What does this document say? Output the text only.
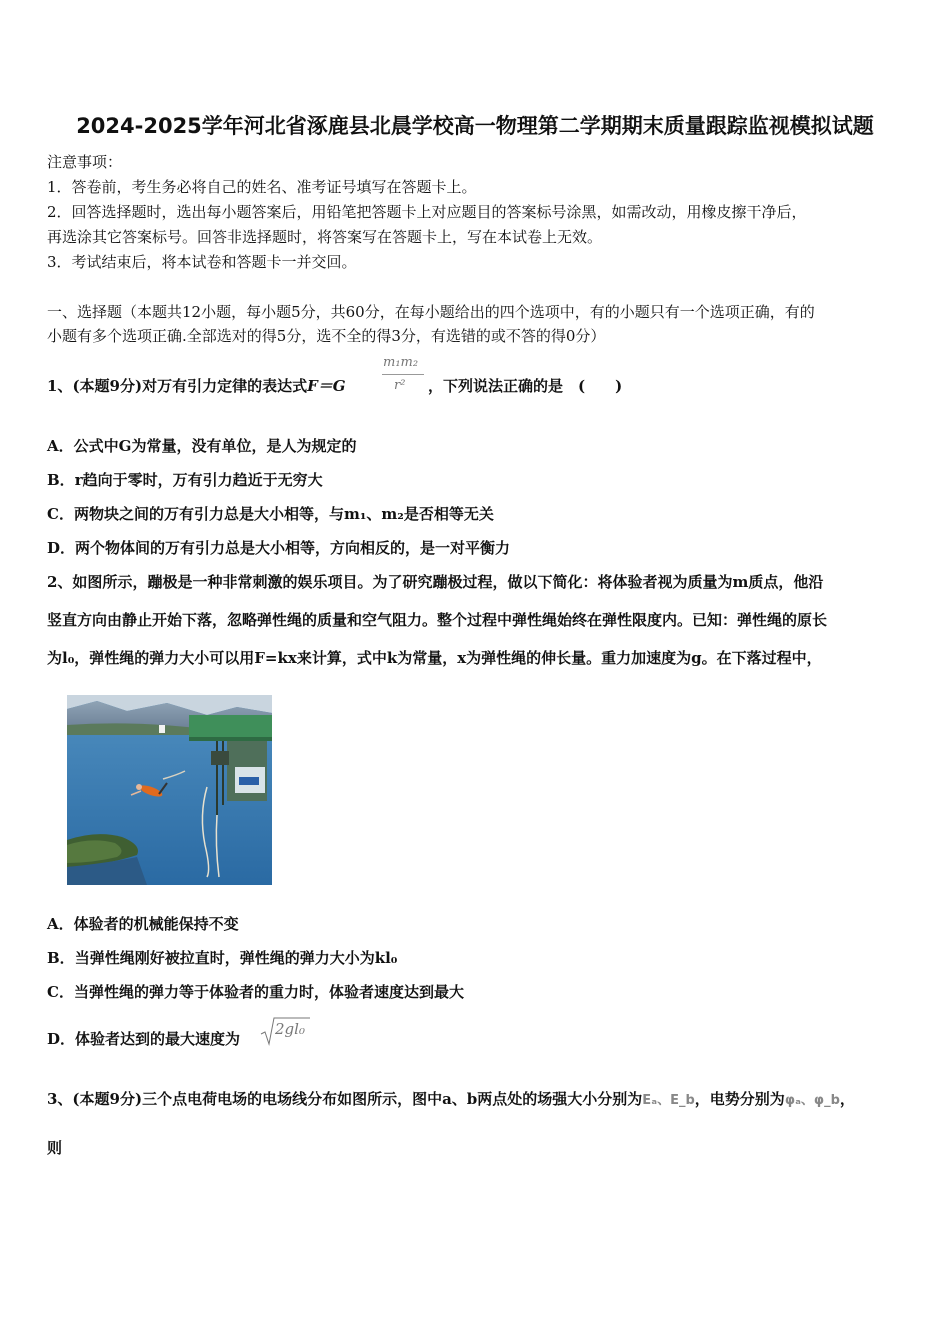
2024-2025学年河北省涿鹿县北晨学校高一物理第二学期期末质量跟踪监视模拟试题
注意事项：
1．答卷前，考生务必将自己的姓名、准考证号填写在答题卡上。
2．回答选择题时，选出每小题答案后，用铅笔把答题卡上对应题目的答案标号涂黑，如需改动，用橡皮擦干净后，
再选涂其它答案标号。回答非选择题时，将答案写在答题卡上，写在本试卷上无效。
3．考试结束后，将本试卷和答题卡一并交回。
一、选择题（本题共12小题，每小题5分，共60分，在每小题给出的四个选项中，有的小题只有一个选项正确，有的
小题有多个选项正确.全部选对的得5分，选不全的得3分，有选错的或不答的得0分）
1、(本题9分)对万有引力定律的表达式F＝G
m₁m₂
r² ，下列说法正确的是　(　　)
A．公式中G为常量，没有单位，是人为规定的
B．r趋向于零时，万有引力趋近于无穷大
C．两物块之间的万有引力总是大小相等，与m₁、m₂是否相等无关
D．两个物体间的万有引力总是大小相等，方向相反的，是一对平衡力
2、如图所示，蹦极是一种非常刺激的娱乐项目。为了研究蹦极过程，做以下简化：将体验者视为质量为m质点，他沿
竖直方向由静止开始下落，忽略弹性绳的质量和空气阻力。整个过程中弹性绳始终在弹性限度内。已知：弹性绳的原长
为l₀，弹性绳的弹力大小可以用F=kx来计算，式中k为常量，x为弹性绳的伸长量。重力加速度为g。在下落过程中，
A．体验者的机械能保持不变
B．当弹性绳刚好被拉直时，弹性绳的弹力大小为kl₀
C．当弹性绳的弹力等于体验者的重力时，体验者速度达到最大
D．体验者达到的最大速度为
2gl₀
3、(本题9分)三个点电荷电场的电场线分布如图所示，图中a、b两点处的场强大小分别为Eₐ、E_b，电势分别为φₐ、φ_b，
则
